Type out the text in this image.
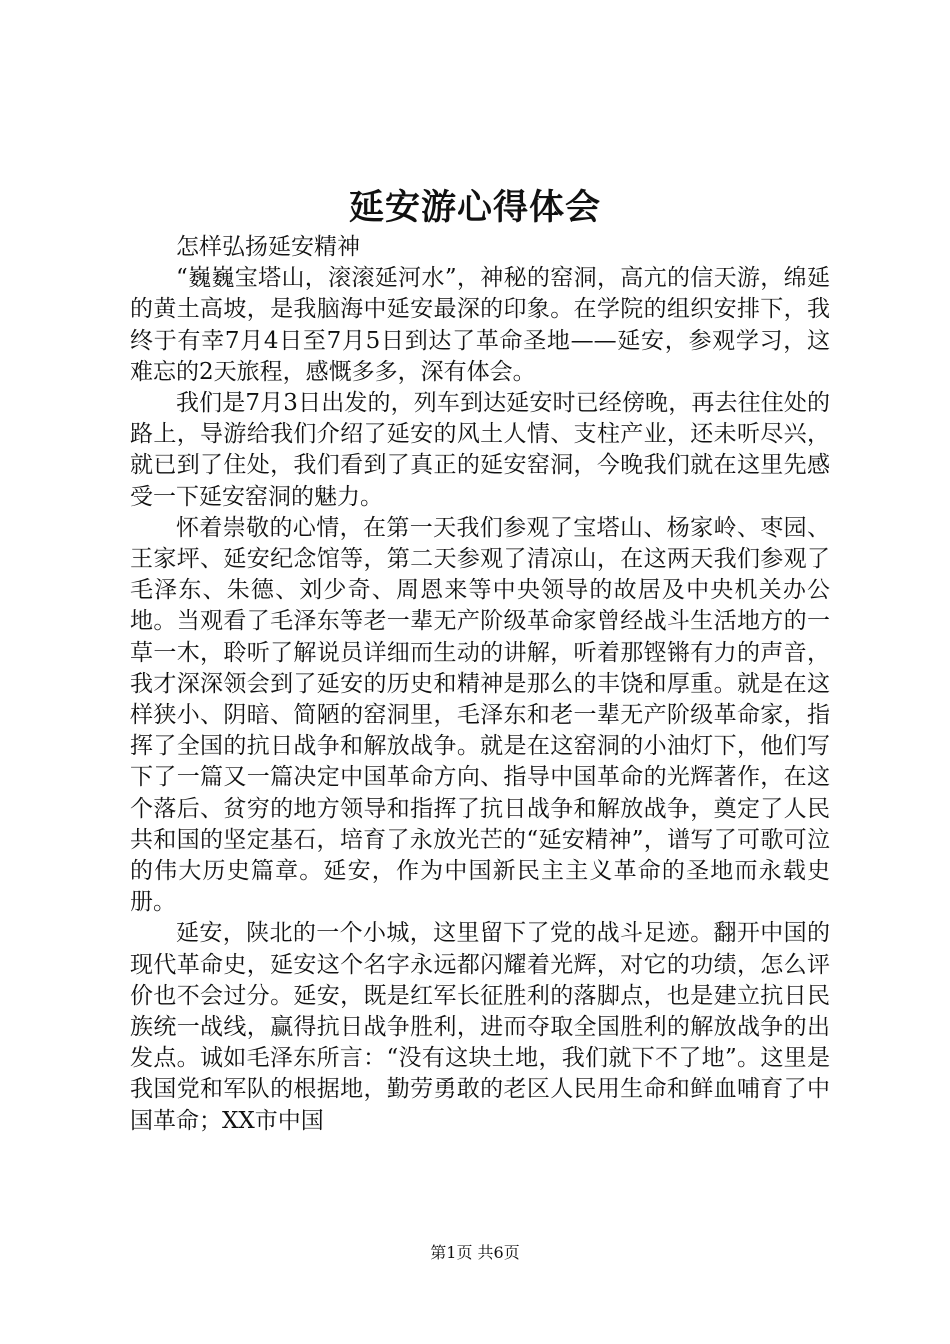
延安游心得体会

怎样弘扬延安精神

“巍巍宝塔山，滚滚延河水”，神秘的窑洞，高亢的信天游，绵延的黄土高坡，是我脑海中延安最深的印象。在学院的组织安排下，我终于有幸7月4日至7月5日到达了革命圣地——延安，参观学习，这难忘的2天旅程，感慨多多，深有体会。

我们是7月3日出发的，列车到达延安时已经傍晚，再去往住处的路上，导游给我们介绍了延安的风土人情、支柱产业，还未听尽兴，就已到了住处，我们看到了真正的延安窑洞，今晚我们就在这里先感受一下延安窑洞的魅力。

怀着崇敬的心情，在第一天我们参观了宝塔山、杨家岭、枣园、王家坪、延安纪念馆等，第二天参观了清凉山，在这两天我们参观了毛泽东、朱德、刘少奇、周恩来等中央领导的故居及中央机关办公地。当观看了毛泽东等老一辈无产阶级革命家曾经战斗生活地方的一草一木，聆听了解说员详细而生动的讲解，听着那铿锵有力的声音，我才深深领会到了延安的历史和精神是那么的丰饶和厚重。就是在这样狭小、阴暗、简陋的窑洞里，毛泽东和老一辈无产阶级革命家，指挥了全国的抗日战争和解放战争。就是在这窑洞的小油灯下，他们写下了一篇又一篇决定中国革命方向、指导中国革命的光辉著作，在这个落后、贫穷的地方领导和指挥了抗日战争和解放战争，奠定了人民共和国的坚定基石，培育了永放光芒的“延安精神”，谱写了可歌可泣的伟大历史篇章。延安，作为中国新民主主义革命的圣地而永载史册。

延安，陕北的一个小城，这里留下了党的战斗足迹。翻开中国的现代革命史，延安这个名字永远都闪耀着光辉，对它的功绩，怎么评价也不会过分。延安，既是红军长征胜利的落脚点，也是建立抗日民族统一战线，赢得抗日战争胜利，进而夺取全国胜利的解放战争的出发点。诚如毛泽东所言：“没有这块土地，我们就下不了地”。这里是我国党和军队的根据地，勤劳勇敢的老区人民用生命和鲜血哺育了中国革命；XX市中国

第1页 共6页
